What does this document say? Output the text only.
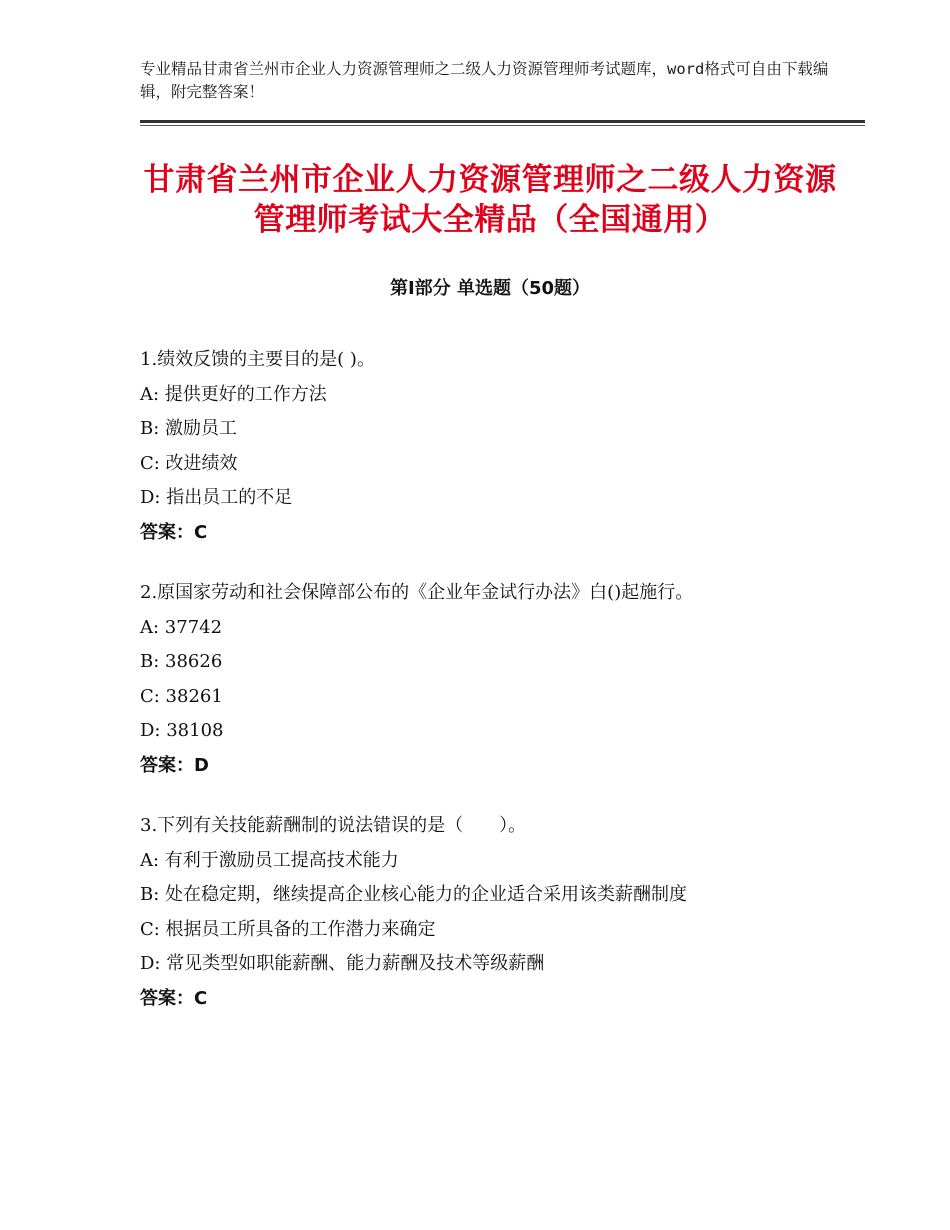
专业精品甘肃省兰州市企业人力资源管理师之二级人力资源管理师考试题库，word格式可自由下载编辑，附完整答案！
甘肃省兰州市企业人力资源管理师之二级人力资源管理师考试大全精品（全国通用）
第Ⅰ部分 单选题（50题）

1.绩效反馈的主要目的是( )。

A: 提供更好的工作方法

B: 激励员工

C: 改进绩效

D: 指出员工的不足

答案：C

2.原国家劳动和社会保障部公布的《企业年金试行办法》白()起施行。

A: 37742

B: 38626

C: 38261

D: 38108

答案：D

3.下列有关技能薪酬制的说法错误的是（　　）。

A: 有利于激励员工提高技术能力

B: 处在稳定期，继续提高企业核心能力的企业适合采用该类薪酬制度

C: 根据员工所具备的工作潜力来确定

D: 常见类型如职能薪酬、能力薪酬及技术等级薪酬

答案：C
